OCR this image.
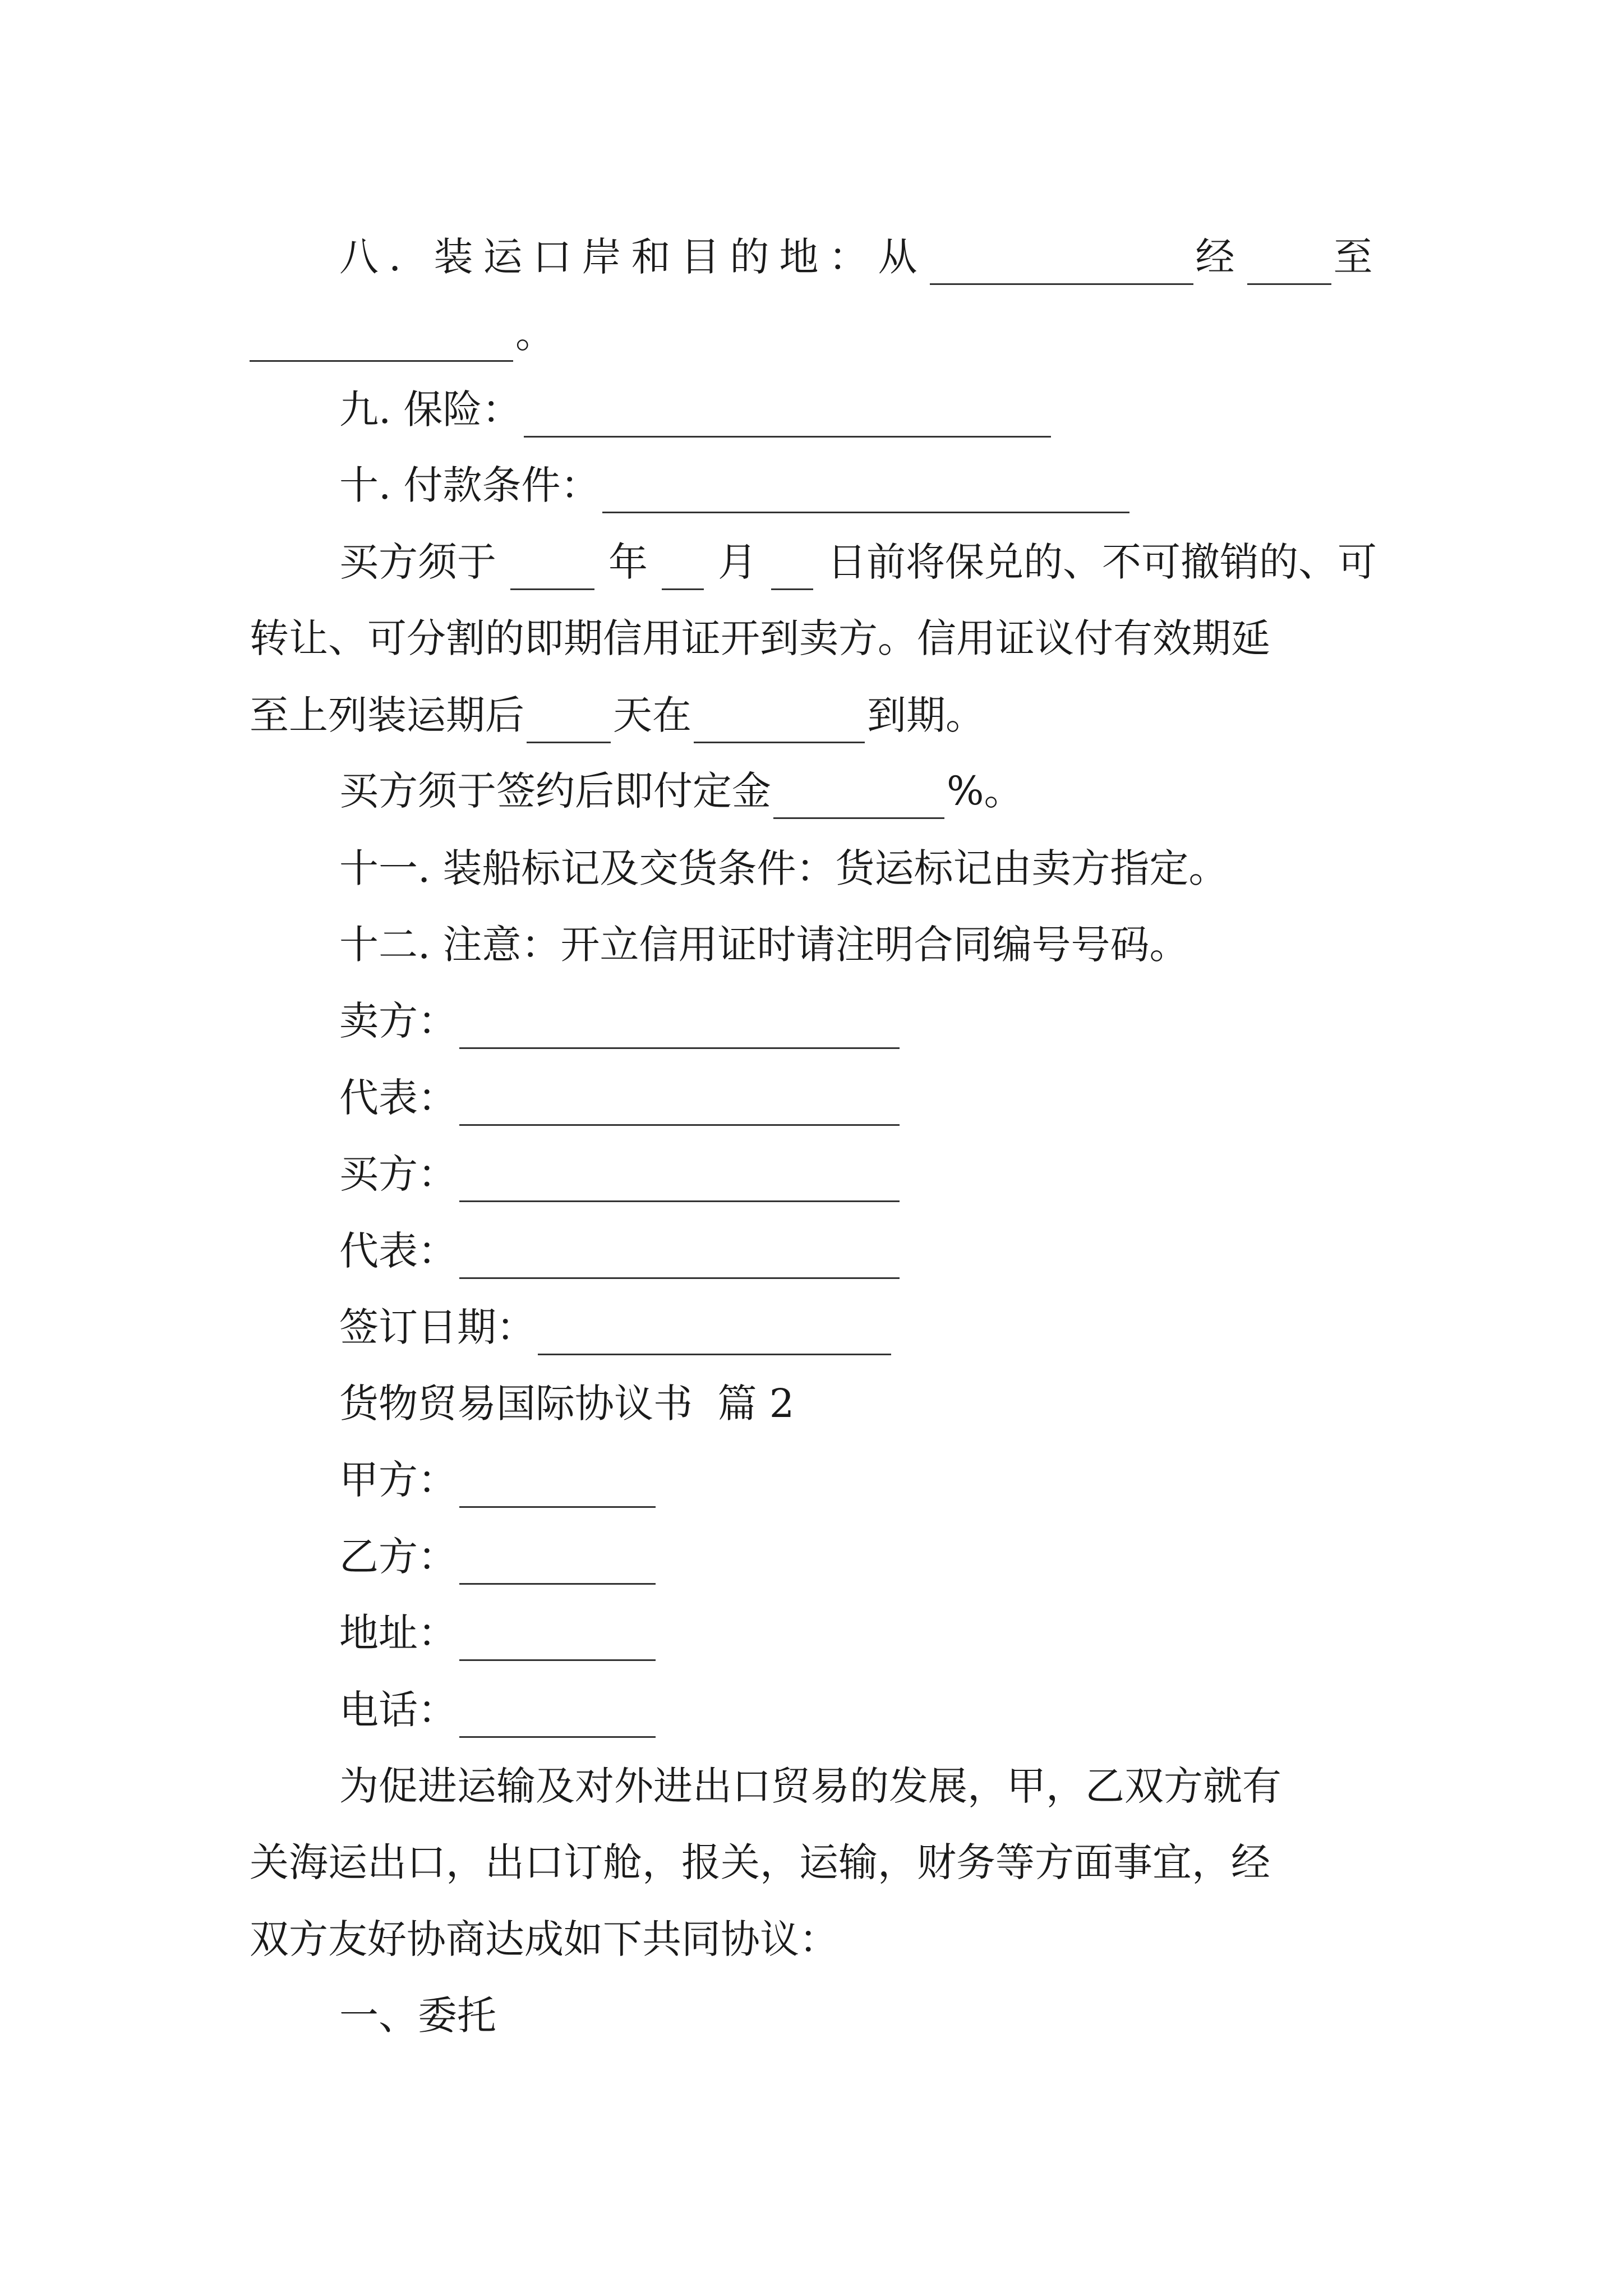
八. 装运口岸和目的地：从	经 至
。
九. 保险：
十. 付款条件：
买方须于	年 月 日前将保兑的、不可撤销的、可
转让、可分割的即期信用证开到卖方。信用证议付有效期延
至上列装运期后 天在	到期。
买方须于签约后即付定金	%。
十一. 装船标记及交货条件：货运标记由卖方指定。
十二. 注意：开立信用证时请注明合同编号号码。
卖方：
代表：
买方：
代表：
签订日期：
货物贸易国际协议书  篇 2
甲方：
乙方：
地址：
电话：
为促进运输及对外进出口贸易的发展，甲，乙双方就有
关海运出口，出口订舱，报关，运输，财务等方面事宜，经
双方友好协商达成如下共同协议：
一、委托
